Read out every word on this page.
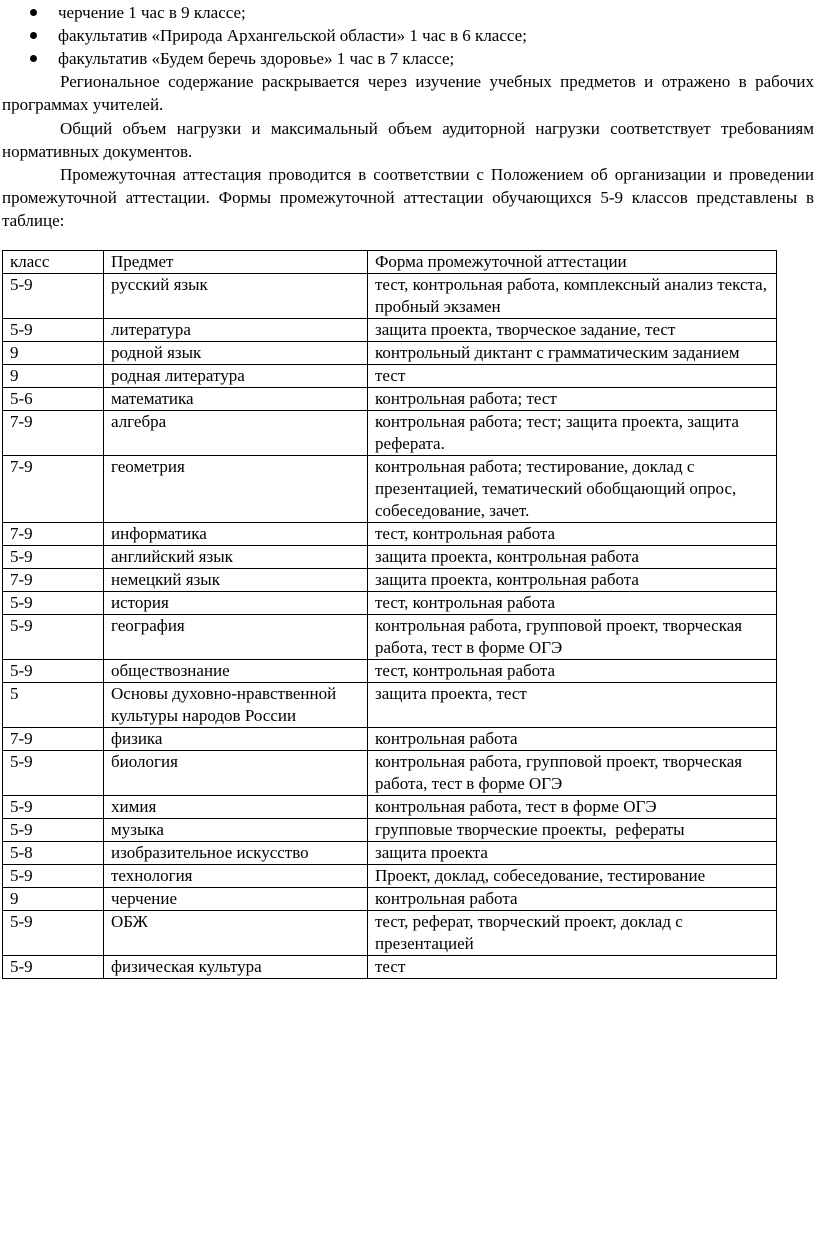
черчение 1 час в 9 классе;
факультатив «Природа Архангельской области» 1 час в 6 классе;
факультатив «Будем беречь здоровье» 1 час в 7 классе;

Региональное содержание раскрывается через изучение учебных предметов и отражено в рабочих программах учителей.

Общий объем нагрузки и максимальный объем аудиторной нагрузки соответствует требованиям нормативных документов.

Промежуточная аттестация проводится в соответствии с Положением об организации и проведении промежуточной аттестации. Формы промежуточной аттестации обучающихся 5-9 классов представлены в таблице:

класс	Предмет	Форма промежуточной аттестации
5-9	русский язык	тест, контрольная работа, комплексный анализ текста, пробный экзамен
5-9	литература	защита проекта, творческое задание, тест
9	родной язык	контрольный диктант с грамматическим заданием
9	родная литература	тест
5-6	математика	контрольная работа; тест
7-9	алгебра	контрольная работа; тест; защита проекта, защита реферата.
7-9	геометрия	контрольная работа; тестирование, доклад с презентацией, тематический обобщающий опрос, собеседование, зачет.
7-9	информатика	тест, контрольная работа
5-9	английский язык	защита проекта, контрольная работа
7-9	немецкий язык	защита проекта, контрольная работа
5-9	история	тест, контрольная работа
5-9	география	контрольная работа, групповой проект, творческая работа, тест в форме ОГЭ
5-9	обществознание	тест, контрольная работа
5	Основы духовно-нравственной культуры народов России	защита проекта, тест
7-9	физика	контрольная работа
5-9	биология	контрольная работа, групповой проект, творческая работа, тест в форме ОГЭ
5-9	химия	контрольная работа, тест в форме ОГЭ
5-9	музыка	групповые творческие проекты,  рефераты
5-8	изобразительное искусство	защита проекта
5-9	технология	Проект, доклад, собеседование, тестирование
9	черчение	контрольная работа
5-9	ОБЖ	тест, реферат, творческий проект, доклад с презентацией
5-9	физическая культура	тест
